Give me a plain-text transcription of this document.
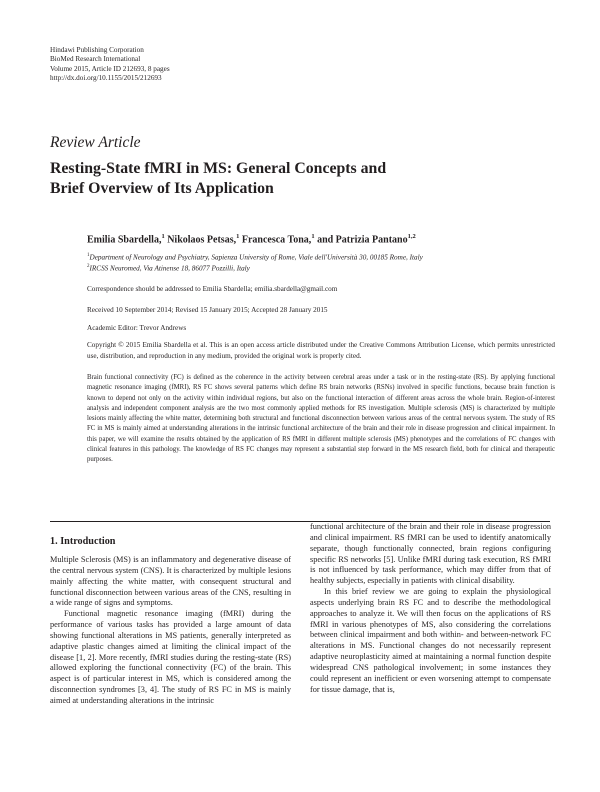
Hindawi Publishing Corporation
BioMed Research International
Volume 2015, Article ID 212693, 8 pages
http://dx.doi.org/10.1155/2015/212693
Review Article
Resting-State fMRI in MS: General Concepts and
Brief Overview of Its Application
Emilia Sbardella,$^1$ Nikolaos Petsas,$^1$ Francesca Tona,$^1$ and Patrizia Pantano$^{1,2}$
$^1$Department of Neurology and Psychiatry, Sapienza University of Rome, Viale dell'Università 30, 00185 Rome, Italy
$^2$IRCSS Neuromed, Via Atinense 18, 86077 Pozzilli, Italy
Correspondence should be addressed to Emilia Sbardella; emilia.sbardella@gmail.com
Received 10 September 2014; Revised 15 January 2015; Accepted 28 January 2015
Academic Editor: Trevor Andrews
Copyright © 2015 Emilia Sbardella et al. This is an open access article distributed under the Creative Commons Attribution License, which permits unrestricted use, distribution, and reproduction in any medium, provided the original work is properly cited.
Brain functional connectivity (FC) is defined as the coherence in the activity between cerebral areas under a task or in the resting-state (RS). By applying functional magnetic resonance imaging (fMRI), RS FC shows several patterns which define RS brain networks (RSNs) involved in specific functions, because brain function is known to depend not only on the activity within individual regions, but also on the functional interaction of different areas across the whole brain. Region-of-interest analysis and independent component analysis are the two most commonly applied methods for RS investigation. Multiple sclerosis (MS) is characterized by multiple lesions mainly affecting the white matter, determining both structural and functional disconnection between various areas of the central nervous system. The study of RS FC in MS is mainly aimed at understanding alterations in the intrinsic functional architecture of the brain and their role in disease progression and clinical impairment. In this paper, we will examine the results obtained by the application of RS fMRI in different multiple sclerosis (MS) phenotypes and the correlations of FC changes with clinical features in this pathology. The knowledge of RS FC changes may represent a substantial step forward in the MS research field, both for clinical and therapeutic purposes.
1. Introduction

Multiple Sclerosis (MS) is an inflammatory and degenerative disease of the central nervous system (CNS). It is characterized by multiple lesions mainly affecting the white matter, with consequent structural and functional disconnection between various areas of the CNS, resulting in a wide range of signs and symptoms.

Functional magnetic resonance imaging (fMRI) during the performance of various tasks has provided a large amount of data showing functional alterations in MS patients, generally interpreted as adaptive plastic changes aimed at limiting the clinical impact of the disease [1, 2]. More recently, fMRI studies during the resting-state (RS) allowed exploring the functional connectivity (FC) of the brain. This aspect is of particular interest in MS, which is considered among the disconnection syndromes [3, 4]. The study of RS FC in MS is mainly aimed at understanding alterations in the intrinsic

functional architecture of the brain and their role in disease progression and clinical impairment. RS fMRI can be used to identify anatomically separate, though functionally connected, brain regions configuring specific RS networks [5]. Unlike fMRI during task execution, RS fMRI is not influenced by task performance, which may differ from that of healthy subjects, especially in patients with clinical disability.

In this brief review we are going to explain the physiological aspects underlying brain RS FC and to describe the methodological approaches to analyze it. We will then focus on the applications of RS fMRI in various phenotypes of MS, also considering the correlations between clinical impairment and both within- and between-network FC alterations in MS. Functional changes do not necessarily represent adaptive neuroplasticity aimed at maintaining a normal function despite widespread CNS pathological involvement; in some instances they could represent an inefficient or even worsening attempt to compensate for tissue damage, that is,
